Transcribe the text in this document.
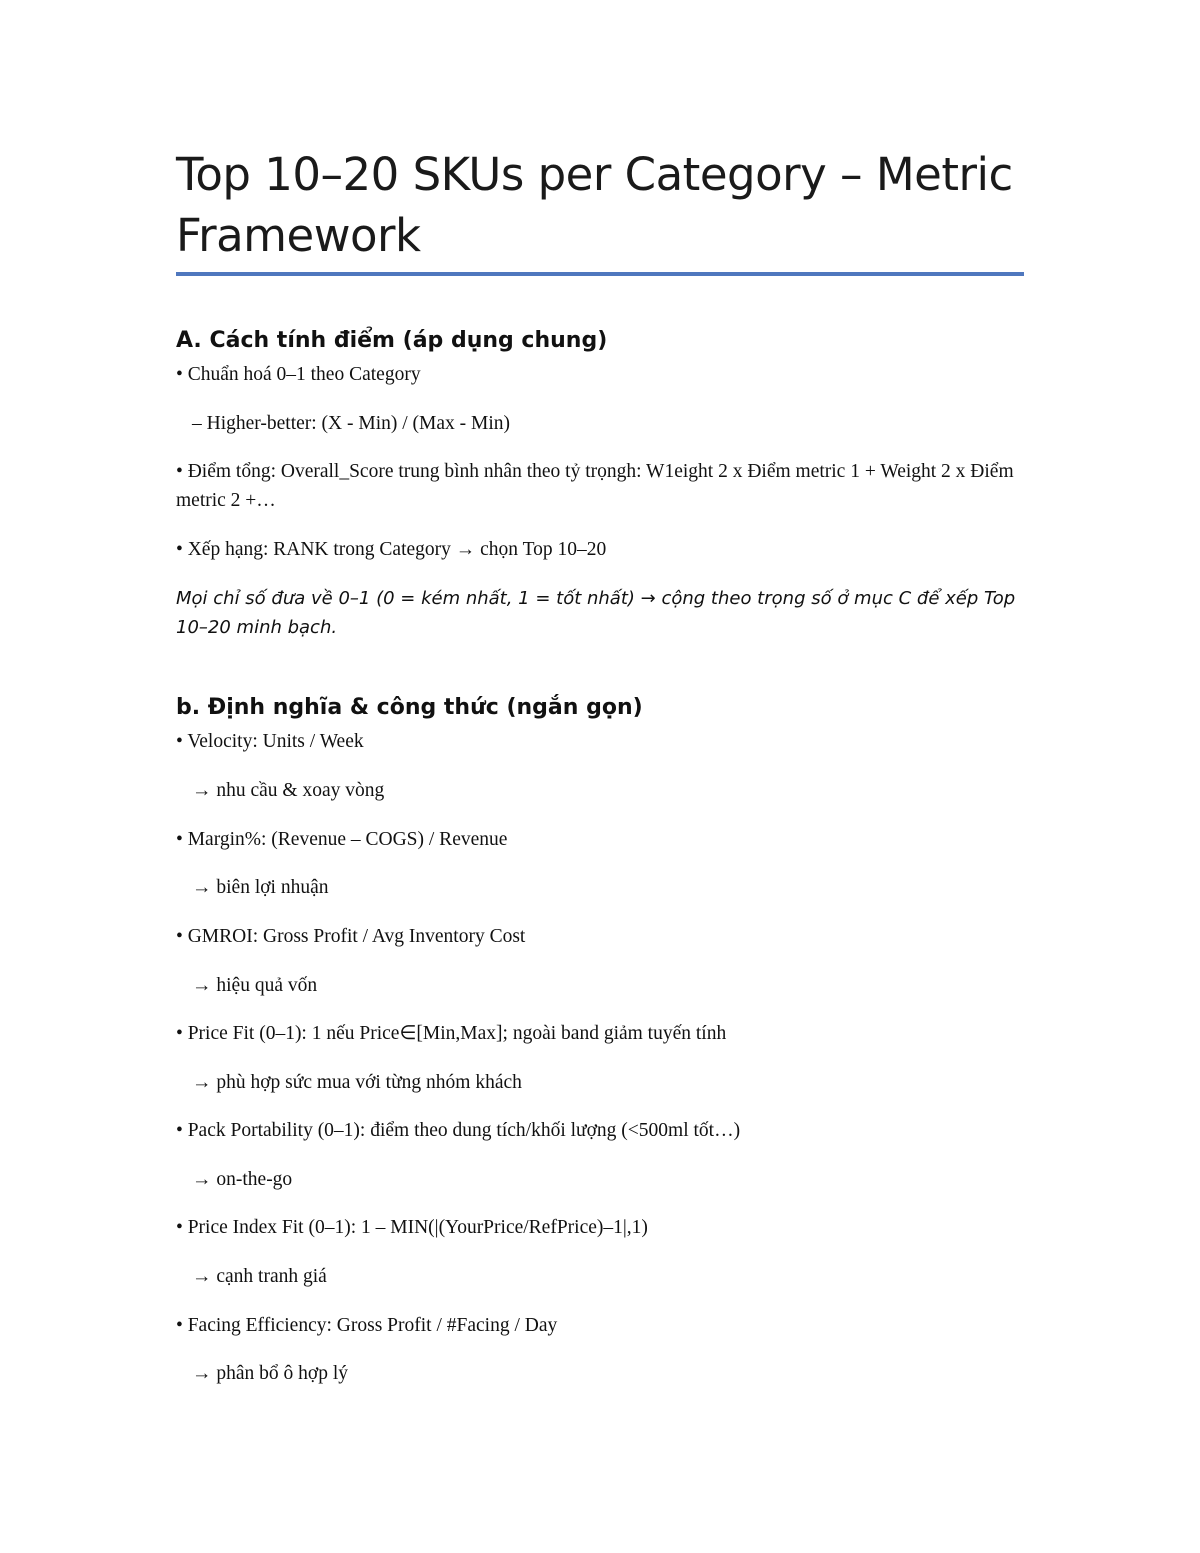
Top 10–20 SKUs per Category – Metric Framework
A. Cách tính điểm (áp dụng chung)

• Chuẩn hoá 0–1 theo Category

– Higher-better: (X - Min) / (Max - Min)

• Điểm tổng: Overall_Score trung bình nhân theo tỷ trọngh: W1eight 2 x Điểm metric 1 + Weight 2 x Điểm metric 2 +…

• Xếp hạng: RANK trong Category → chọn Top 10–20

Mọi chỉ số đưa về 0–1 (0 = kém nhất, 1 = tốt nhất) → cộng theo trọng số ở mục C để xếp Top 10–20 minh bạch.

b. Định nghĩa & công thức (ngắn gọn)

• Velocity: Units / Week

→ nhu cầu & xoay vòng

• Margin%: (Revenue – COGS) / Revenue

→ biên lợi nhuận

• GMROI: Gross Profit / Avg Inventory Cost

→ hiệu quả vốn

• Price Fit (0–1): 1 nếu Price∈[Min,Max]; ngoài band giảm tuyến tính

→ phù hợp sức mua với từng nhóm khách

• Pack Portability (0–1): điểm theo dung tích/khối lượng (<500ml tốt…)

→ on-the-go

• Price Index Fit (0–1): 1 – MIN(|(YourPrice/RefPrice)–1|,1)

→ cạnh tranh giá

• Facing Efficiency: Gross Profit / #Facing / Day

→ phân bổ ô hợp lý
